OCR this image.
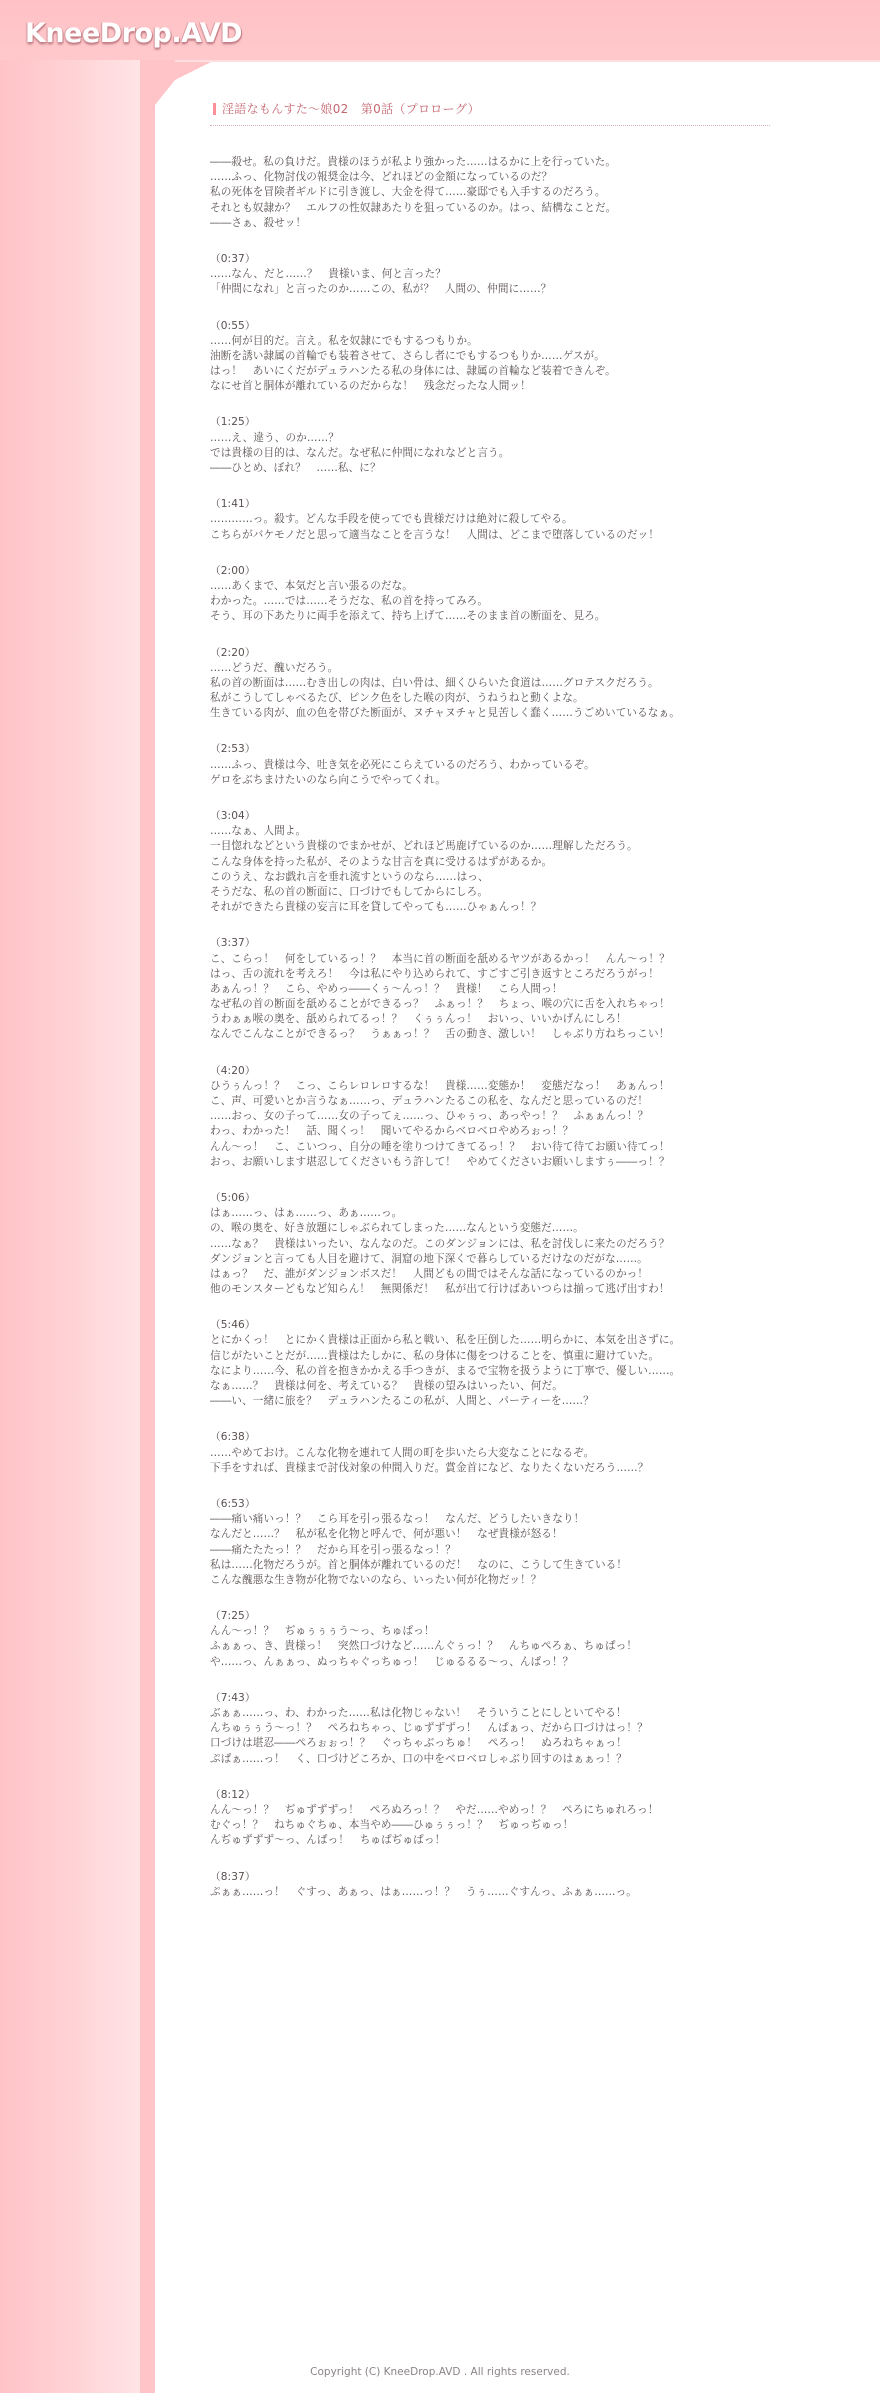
KneeDrop.AVD
淫語なもんすた～娘02　第0話（プロローグ）
――殺せ。私の負けだ。貴様のほうが私より強かった……はるかに上を行っていた。
……ふっ、化物討伐の報奨金は今、どれほどの金額になっているのだ？
私の死体を冒険者ギルドに引き渡し、大金を得て……豪邸でも入手するのだろう。
それとも奴隷か？　エルフの性奴隷あたりを狙っているのか。はっ、結構なことだ。
――さぁ、殺せッ！
（0:37）
……なん、だと……？　貴様いま、何と言った？
「仲間になれ」と言ったのか……この、私が？　人間の、仲間に……？
（0:55）
……何が目的だ。言え。私を奴隷にでもするつもりか。
油断を誘い隷属の首輪でも装着させて、さらし者にでもするつもりか……ゲスが。
はっ！　あいにくだがデュラハンたる私の身体には、隷属の首輪など装着できんぞ。
なにせ首と胴体が離れているのだからな！　残念だったな人間ッ！
（1:25）
……え、違う、のか……？
では貴様の目的は、なんだ。なぜ私に仲間になれなどと言う。
――ひとめ、ぼれ？　……私、に？
（1:41）
…………っ。殺す。どんな手段を使ってでも貴様だけは絶対に殺してやる。
こちらがバケモノだと思って適当なことを言うな！　人間は、どこまで堕落しているのだッ！
（2:00）
……あくまで、本気だと言い張るのだな。
わかった。……では……そうだな、私の首を持ってみろ。
そう、耳の下あたりに両手を添えて、持ち上げて……そのまま首の断面を、見ろ。
（2:20）
……どうだ、醜いだろう。
私の首の断面は……むき出しの肉は、白い骨は、細くひらいた食道は……グロテスクだろう。
私がこうしてしゃべるたび、ピンク色をした喉の肉が、うねうねと動くよな。
生きている肉が、血の色を帯びた断面が、ヌチャヌチャと見苦しく蠢く……うごめいているなぁ。
（2:53）
……ふっ、貴様は今、吐き気を必死にこらえているのだろう、わかっているぞ。
ゲロをぶちまけたいのなら向こうでやってくれ。
（3:04）
……なぁ、人間よ。
一目惚れなどという貴様のでまかせが、どれほど馬鹿げているのか……理解しただろう。
こんな身体を持った私が、そのような甘言を真に受けるはずがあるか。
このうえ、なお戯れ言を垂れ流すというのなら……はっ、
そうだな、私の首の断面に、口づけでもしてからにしろ。
それができたら貴様の妄言に耳を貸してやっても……ひゃぁんっ！？
（3:37）
こ、こらっ！　何をしているっ！？　本当に首の断面を舐めるヤツがあるかっ！　んん～っ！？
はっ、舌の流れを考えろ！　今は私にやり込められて、すごすご引き返すところだろうがっ！
あぁんっ！？　こら、やめっ――くぅ～んっ！？　貴様！　こら人間っ！
なぜ私の首の断面を舐めることができるっ？　ふぁっ！？　ちょっ、喉の穴に舌を入れちゃっ！
うわぁぁ喉の奥を、舐められてるっ！？　くぅぅんっ！　おいっ、いいかげんにしろ！
なんでこんなことができるっ？　うぁぁっ！？　舌の動き、激しい！　しゃぶり方ねちっこい！
（4:20）
ひうぅんっ！？　こっ、こらレロレロするな！　貴様……変態か！　変態だなっ！　あぁんっ！
こ、声、可愛いとか言うなぁ……っ、デュラハンたるこの私を、なんだと思っているのだ！
……おっ、女の子って……女の子ってぇ……っ、ひゃぅっ、あっやっ！？　ふぁぁんっ！？
わっ、わかった！　話、聞くっ！　聞いてやるからベロベロやめろぉっ！？
んん～っ！　こ、こいつっ、自分の唾を塗りつけてきてるっ！？　おい待て待てお願い待てっ！
おっ、お願いします堪忍してくださいもう許して！　やめてくださいお願いしますぅ――っ！？
（5:06）
はぁ……っ、はぁ……っ、あぁ……っ。
の、喉の奥を、好き放題にしゃぶられてしまった……なんという変態だ……。
……なぁ？　貴様はいったい、なんなのだ。このダンジョンには、私を討伐しに来たのだろう？
ダンジョンと言っても人目を避けて、洞窟の地下深くで暮らしているだけなのだがな……。
はぁっ？　だ、誰がダンジョンボスだ！　人間どもの間ではそんな話になっているのかっ！
他のモンスターどもなど知らん！　無関係だ！　私が出て行けばあいつらは揃って逃げ出すわ！
（5:46）
とにかくっ！　とにかく貴様は正面から私と戦い、私を圧倒した……明らかに、本気を出さずに。
信じがたいことだが……貴様はたしかに、私の身体に傷をつけることを、慎重に避けていた。
なにより……今、私の首を抱きかかえる手つきが、まるで宝物を扱うように丁寧で、優しい……。
なぁ……？　貴様は何を、考えている？　貴様の望みはいったい、何だ。
――い、一緒に旅を？　デュラハンたるこの私が、人間と、パーティーを……？
（6:38）
……やめておけ。こんな化物を連れて人間の町を歩いたら大変なことになるぞ。
下手をすれば、貴様まで討伐対象の仲間入りだ。賞金首になど、なりたくないだろう……？
（6:53）
――痛い痛いっ！？　こら耳を引っ張るなっ！　なんだ、どうしたいきなり！
なんだと……？　私が私を化物と呼んで、何が悪い！　なぜ貴様が怒る！
――痛たたたっ！？　だから耳を引っ張るなっ！？
私は……化物だろうが。首と胴体が離れているのだ！　なのに、こうして生きている！
こんな醜悪な生き物が化物でないのなら、いったい何が化物だッ！？
（7:25）
んん～っ！？　ぢゅぅぅぅう～っ、ちゅぱっ！
ふぁぁっ、き、貴様っ！　突然口づけなど……んぐぅっ！？　んちゅぺろぁ、ちゅぱっ！
や……っ、んぁぁっ、ぬっちゃぐっちゅっ！　じゅるるる～っ、んぱっ！？
（7:43）
ぶぁぁ……っ、わ、わかった……私は化物じゃない！　そういうことにしといてやる！
んちゅぅぅう～っ！？　ぺろねちゃっ、じゅずずずっ！　んぱぁっ、だから口づけはっ！？
口づけは堪忍――ぺろぉぉっ！？　ぐっちゃぶっちゅ！　ぺろっ！　ぬろねちゃぁっ！
ぷぱぁ……っ！　く、口づけどころか、口の中をベロベロしゃぶり回すのはぁぁっ！？
（8:12）
んん～っ！？　ぢゅずずずっ！　ぺろぬろっ！？　やだ……やめっ！？　ぺろにちゅれろっ！
むぐっ！？　ねちゅぐちゅ、本当やめ――ひゅぅぅっ！？　ぢゅっぢゅっ！
んぢゅずずず～っ、んぱっ！　ちゅぱぢゅぱっ！
（8:37）
ぷぁぁ……っ！　ぐすっ、あぁっ、はぁ……っ！？　うぅ……ぐすんっ、ふぁぁ……っ。
Copyright (C) KneeDrop.AVD . All rights reserved.
